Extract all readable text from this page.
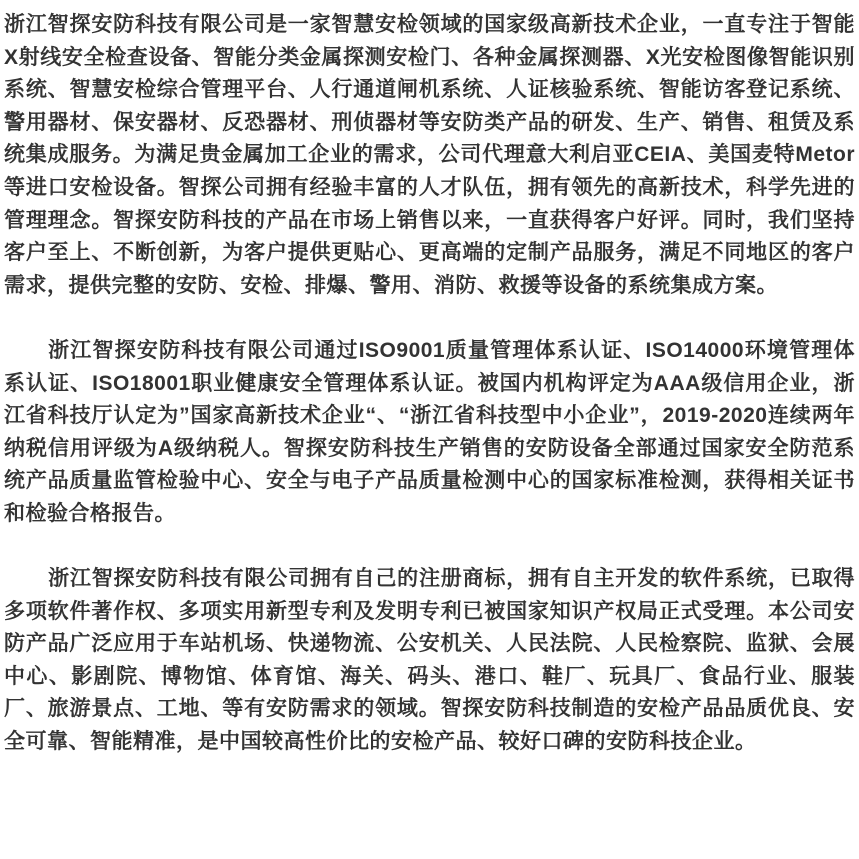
浙江智探安防科技有限公司是一家智慧安检领域的国家级高新技术企业，一直专注于智能X射线安全检查设备、智能分类金属探测安检门、各种金属探测器、X光安检图像智能识别系统、智慧安检综合管理平台、人行通道闸机系统、人证核验系统、智能访客登记系统、警用器材、保安器材、反恐器材、刑侦器材等安防类产品的研发、生产、销售、租赁及系统集成服务。为满足贵金属加工企业的需求，公司代理意大利启亚CEIA、美国麦特Metor等进口安检设备。智探公司拥有经验丰富的人才队伍，拥有领先的高新技术，科学先进的管理理念。智探安防科技的产品在市场上销售以来，一直获得客户好评。同时，我们坚持客户至上、不断创新，为客户提供更贴心、更高端的定制产品服务，满足不同地区的客户需求，提供完整的安防、安检、排爆、警用、消防、救援等设备的系统集成方案。

浙江智探安防科技有限公司通过ISO9001质量管理体系认证、ISO14000环境管理体系认证、ISO18001职业健康安全管理体系认证。被国内机构评定为AAA级信用企业，浙江省科技厅认定为”国家高新技术企业“、“浙江省科技型中小企业”，2019-2020连续两年纳税信用评级为A级纳税人。智探安防科技生产销售的安防设备全部通过国家安全防范系统产品质量监管检验中心、安全与电子产品质量检测中心的国家标准检测，获得相关证书和检验合格报告。

浙江智探安防科技有限公司拥有自己的注册商标，拥有自主开发的软件系统，已取得多项软件著作权、多项实用新型专利及发明专利已被国家知识产权局正式受理。本公司安防产品广泛应用于车站机场、快递物流、公安机关、人民法院、人民检察院、监狱、会展中心、影剧院、博物馆、体育馆、海关、码头、港口、鞋厂、玩具厂、食品行业、服装厂、旅游景点、工地、等有安防需求的领域。智探安防科技制造的安检产品品质优良、安全可靠、智能精准，是中国较高性价比的安检产品、较好口碑的安防科技企业。
